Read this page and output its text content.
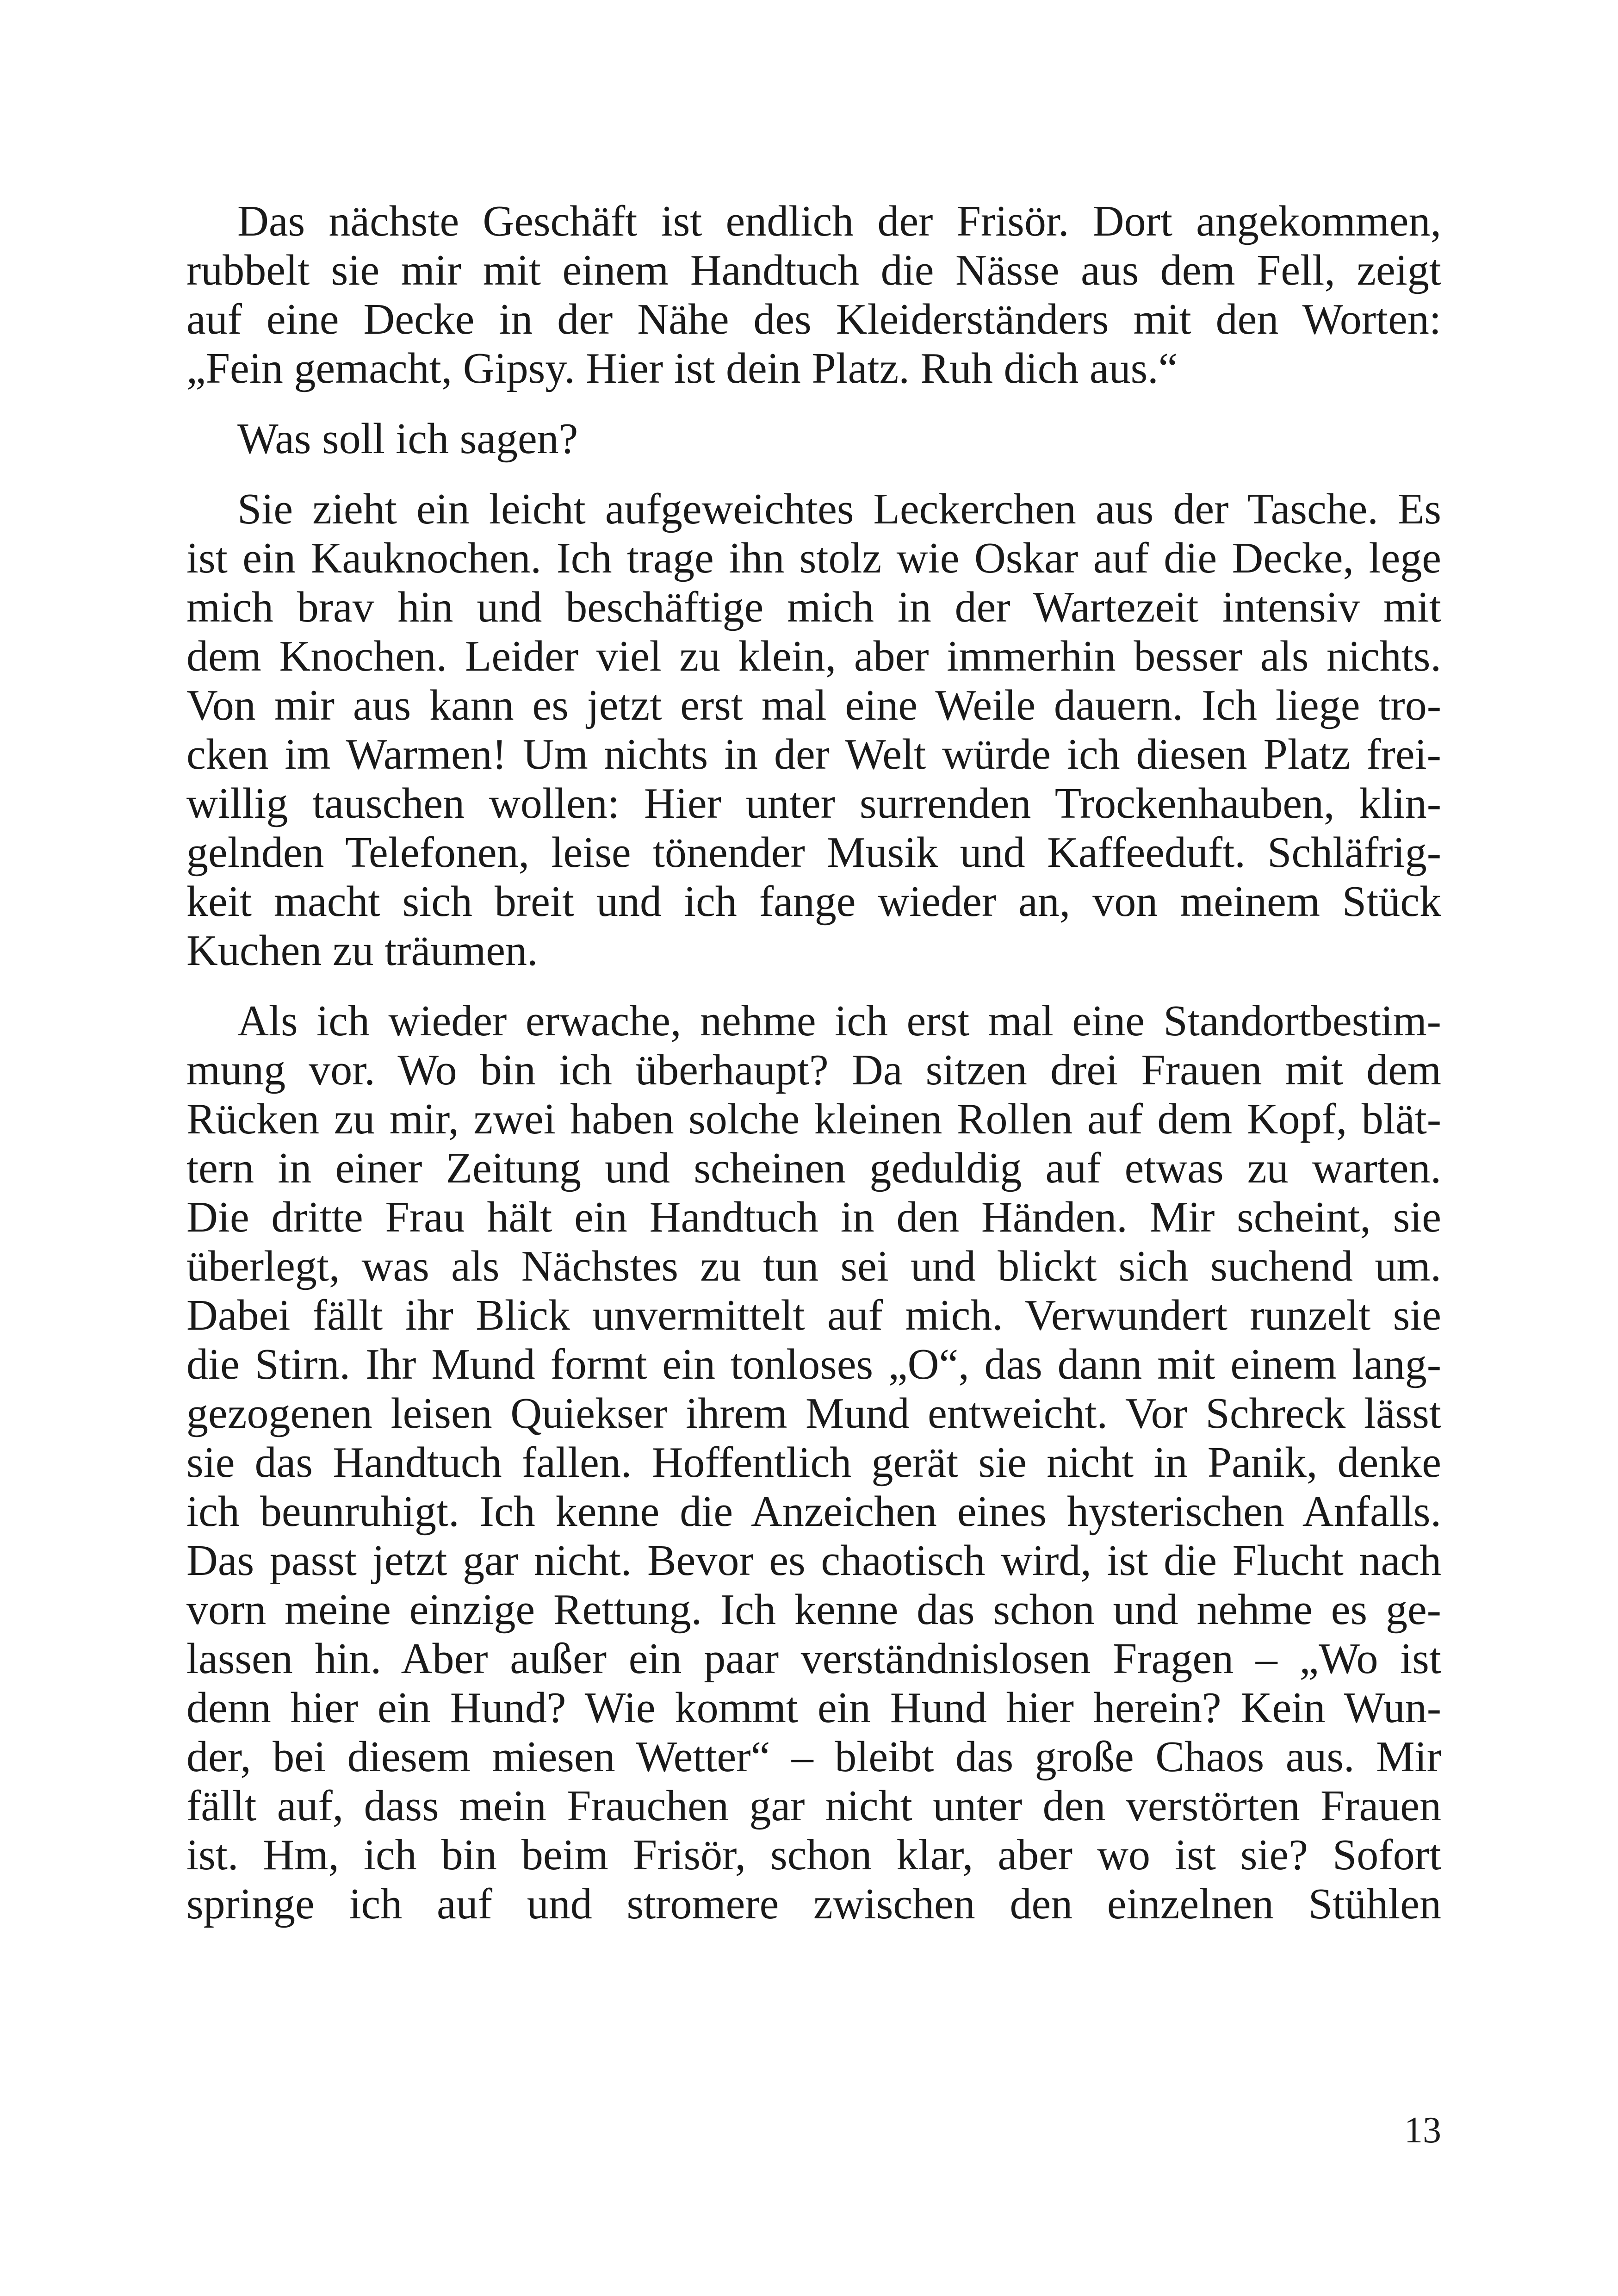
Das nächste Geschäft ist endlich der Frisör. Dort angekommen,
rubbelt sie mir mit einem Handtuch die Nässe aus dem Fell, zeigt
auf eine Decke in der Nähe des Kleiderständers mit den Worten:
„Fein gemacht, Gipsy. Hier ist dein Platz. Ruh dich aus.“

Was soll ich sagen?

Sie zieht ein leicht aufgeweichtes Leckerchen aus der Tasche. Es
ist ein Kauknochen. Ich trage ihn stolz wie Oskar auf die Decke, lege
mich brav hin und beschäftige mich in der Wartezeit intensiv mit
dem Knochen. Leider viel zu klein, aber immerhin besser als nichts.
Von mir aus kann es jetzt erst mal eine Weile dauern. Ich liege tro-
cken im Warmen! Um nichts in der Welt würde ich diesen Platz frei-
willig tauschen wollen: Hier unter surrenden Trockenhauben, klin-
gelnden Telefonen, leise tönender Musik und Kaffeeduft. Schläfrig-
keit macht sich breit und ich fange wieder an, von meinem Stück
Kuchen zu träumen.

Als ich wieder erwache, nehme ich erst mal eine Standortbestim-
mung vor. Wo bin ich überhaupt? Da sitzen drei Frauen mit dem
Rücken zu mir, zwei haben solche kleinen Rollen auf dem Kopf, blät-
tern in einer Zeitung und scheinen geduldig auf etwas zu warten.
Die dritte Frau hält ein Handtuch in den Händen. Mir scheint, sie
überlegt, was als Nächstes zu tun sei und blickt sich suchend um.
Dabei fällt ihr Blick unvermittelt auf mich. Verwundert runzelt sie
die Stirn. Ihr Mund formt ein tonloses „O“, das dann mit einem lang-
gezogenen leisen Quiekser ihrem Mund entweicht. Vor Schreck lässt
sie das Handtuch fallen. Hoffentlich gerät sie nicht in Panik, denke
ich beunruhigt. Ich kenne die Anzeichen eines hysterischen Anfalls.
Das passt jetzt gar nicht. Bevor es chaotisch wird, ist die Flucht nach
vorn meine einzige Rettung. Ich kenne das schon und nehme es ge-
lassen hin. Aber außer ein paar verständnislosen Fragen – „Wo ist
denn hier ein Hund? Wie kommt ein Hund hier herein? Kein Wun-
der, bei diesem miesen Wetter“ – bleibt das große Chaos aus. Mir
fällt auf, dass mein Frauchen gar nicht unter den verstörten Frauen
ist. Hm, ich bin beim Frisör, schon klar, aber wo ist sie? Sofort
springe ich auf und stromere zwischen den einzelnen Stühlen

13
